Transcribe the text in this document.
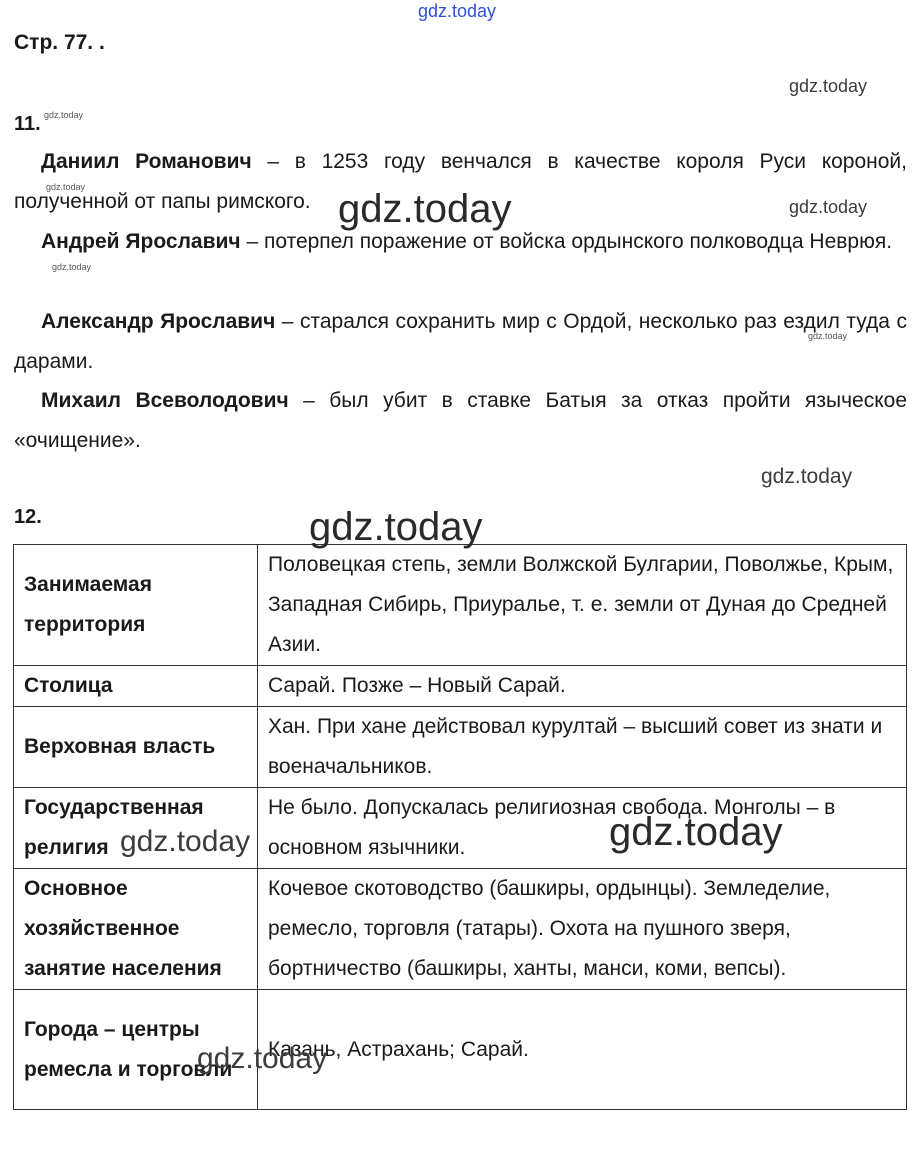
gdz.today
Стр. 77. .
gdz.today
11. gdz.today
Даниил Романович – в 1253 году венчался в качестве короля Руси короной, полученной от папы римского.
Андрей Ярославич – потерпел поражение от войска ордынского полководца Неврюя.
Александр Ярославич – старался сохранить мир с Ордой, несколько раз ездил туда с дарами.
Михаил Всеволодович – был убит в ставке Батыя за отказ пройти языческое «очищение».
gdz.today	gdz.today	gdz.today
gdz.today
gdz.today
gdz.today
12.
Занимаемая территория	Половецкая степь, земли Волжской Булгарии, Поволжье, Крым, Западная Сибирь, Приуралье, т. е. земли от Дуная до Средней Азии.
Столица	Сарай. Позже – Новый Сарай.
Верховная власть	Хан. При хане действовал курултай – высший совет из знати и военачальников.
Государственная религия	Не было. Допускалась религиозная свобода. Монголы – в основном язычники.
Основное хозяйственное занятие населения	Кочевое скотоводство (башкиры, ордынцы). Земледелие, ремесло, торговля (татары). Охота на пушного зверя, бортничество (башкиры, ханты, манси, коми, вепсы).
Города – центры ремесла и торговли	Казань, Астрахань; Сарай.
gdz.today
gdz.today
gdz.today
gdz.today
